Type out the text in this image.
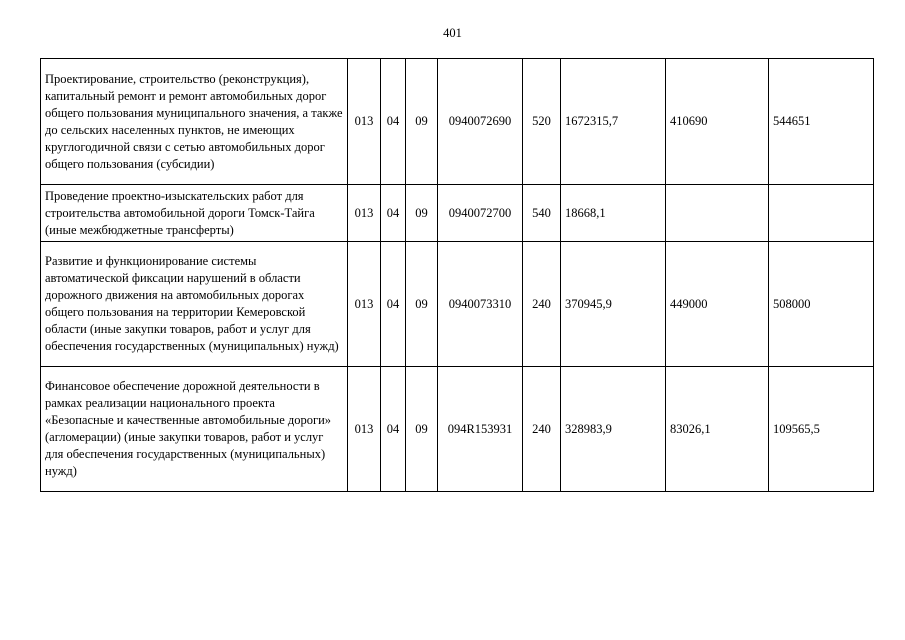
401
Проектирование, строительство (реконструкция), капитальный ремонт и ремонт автомобильных дорог общего пользования муниципального значения, а также до сельских населенных пунктов, не имеющих круглогодичной связи с сетью автомобильных дорог общего пользования (субсидии)	013	04	09	0940072690	520	1672315,7	410690	544651
Проведение проектно-изыскательских работ для строительства автомобильной дороги Томск-Тайга (иные межбюджетные трансферты)	013	04	09	0940072700	540	18668,1		
Развитие и функционирование системы автоматической фиксации нарушений в области дорожного движения на автомобильных дорогах общего пользования на территории Кемеровской области (иные закупки товаров, работ и услуг для обеспечения государственных (муниципальных) нужд)	013	04	09	0940073310	240	370945,9	449000	508000
Финансовое обеспечение дорожной деятельности в рамках реализации национального проекта «Безопасные и качественные автомобильные дороги» (агломерации) (иные закупки товаров, работ и услуг для обеспечения государственных (муниципальных) нужд)	013	04	09	094R153931	240	328983,9	83026,1	109565,5
